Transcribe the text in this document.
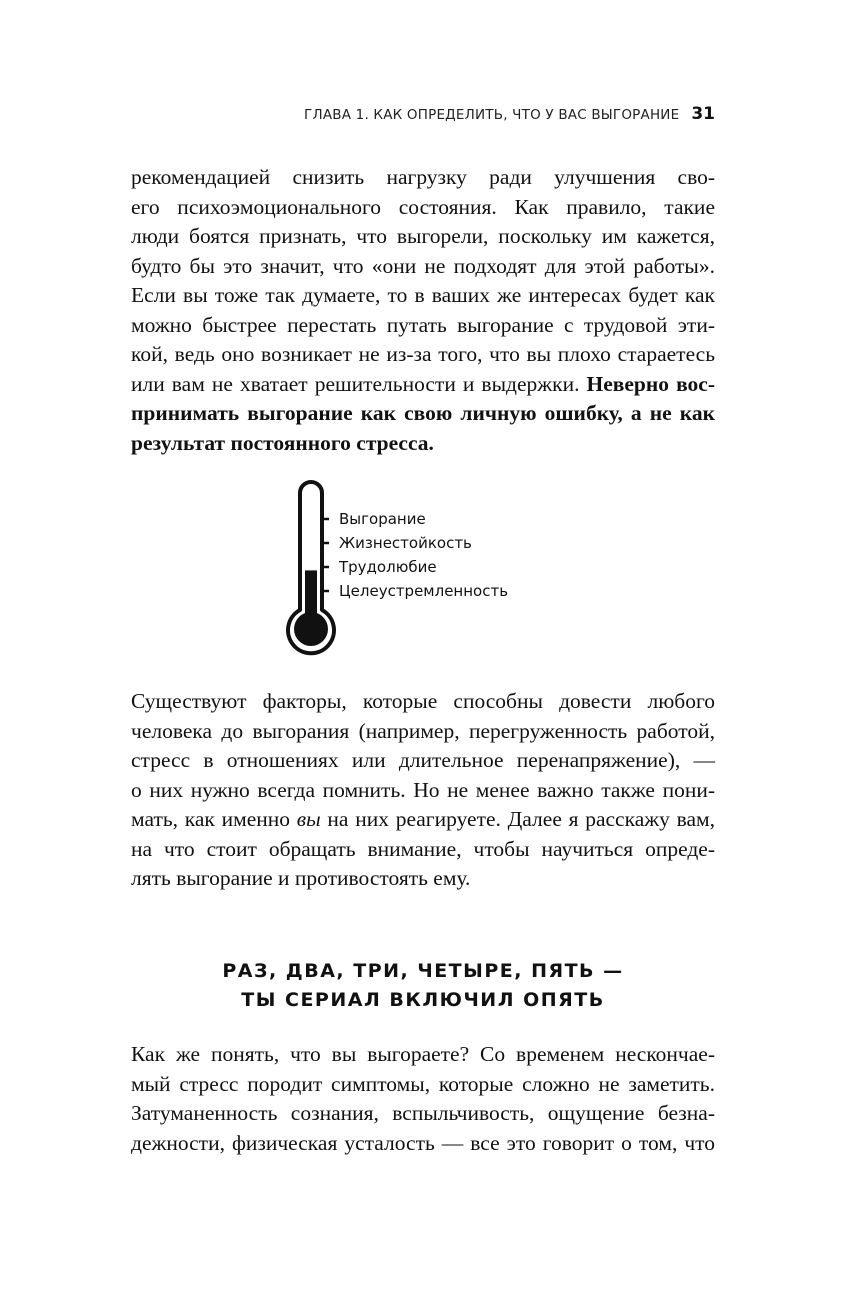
ГЛАВА 1. КАК ОПРЕДЕЛИТЬ, ЧТО У ВАС ВЫГОРАНИЕ 31

рекомендацией снизить нагрузку ради улучшения сво-
его психоэмоционального состояния. Как правило, такие
люди боятся признать, что выгорели, поскольку им кажется,
будто бы это значит, что «они не подходят для этой работы».
Если вы тоже так думаете, то в ваших же интересах будет как
можно быстрее перестать путать выгорание с трудовой эти-
кой, ведь оно возникает не из-за того, что вы плохо стараетесь
или вам не хватает решительности и выдержки. Неверно вос-
принимать выгорание как свою личную ошибку, а не как
результат постоянного стресса.

Выгорание
Жизнестойкость
Трудолюбие
Целеустремленность

Существуют факторы, которые способны довести любого
человека до выгорания (например, перегруженность работой,
стресс в отношениях или длительное перенапряжение), —
о них нужно всегда помнить. Но не менее важно также пони-
мать, как именно вы на них реагируете. Далее я расскажу вам,
на что стоит обращать внимание, чтобы научиться опреде-
лять выгорание и противостоять ему.

РАЗ, ДВА, ТРИ, ЧЕТЫРЕ, ПЯТЬ —
ТЫ СЕРИАЛ ВКЛЮЧИЛ ОПЯТЬ

Как же понять, что вы выгораете? Со временем нескончае-
мый стресс породит симптомы, которые сложно не заметить.
Затуманенность сознания, вспыльчивость, ощущение безна-
дежности, физическая усталость — все это говорит о том, что
